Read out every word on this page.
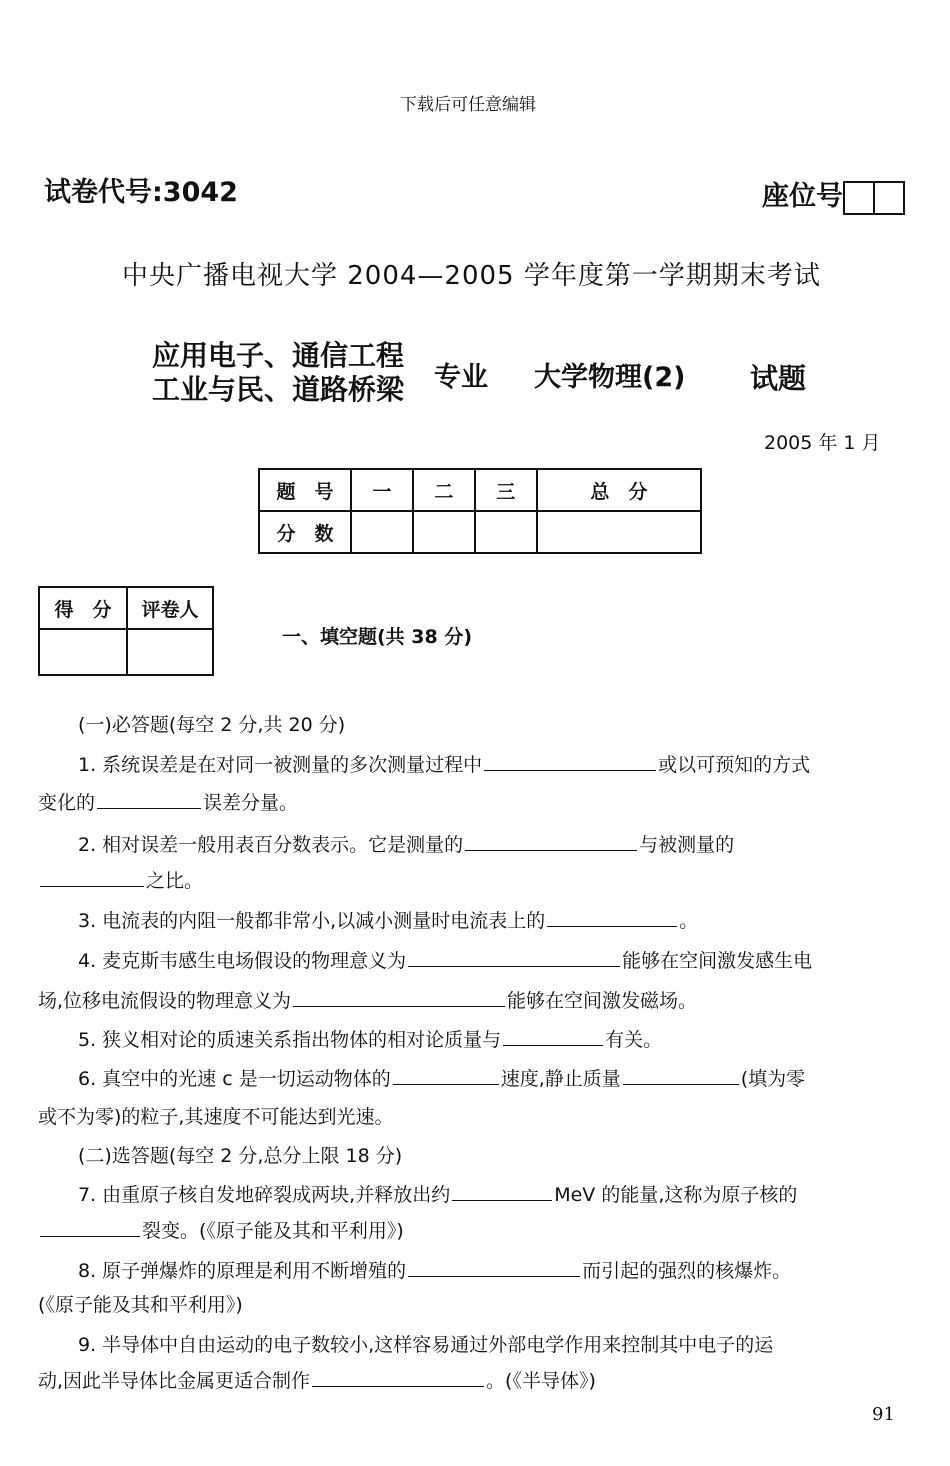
下载后可任意编辑
试卷代号:3042	座位号
中央广播电视大学 2004—2005 学年度第一学期期末考试
应用电子、通信工程
工业与民、道路桥梁 专业 大学物理(2) 试题
2005 年 1 月
题　号	一	二	三	总　分
分　数				
得　分	评卷人

一、填空题(共 38 分)
(一)必答题(每空 2 分,共 20 分)
1. 系统误差是在对同一被测量的多次测量过程中	或以可预知的方式
变化的	误差分量。
2. 相对误差一般用表百分数表示。它是测量的	与被测量的
之比。
3. 电流表的内阻一般都非常小,以减小测量时电流表上的	。
4. 麦克斯韦感生电场假设的物理意义为	能够在空间激发感生电
场,位移电流假设的物理意义为	能够在空间激发磁场。
5. 狭义相对论的质速关系指出物体的相对论质量与	有关。
6. 真空中的光速 c 是一切运动物体的	速度,静止质量	(填为零
或不为零)的粒子,其速度不可能达到光速。
(二)选答题(每空 2 分,总分上限 18 分)
7. 由重原子核自发地碎裂成两块,并释放出约	MeV 的能量,这称为原子核的
裂变。(《原子能及其和平利用》)
8. 原子弹爆炸的原理是利用不断增殖的	而引起的强烈的核爆炸。
(《原子能及其和平利用》)
9. 半导体中自由运动的电子数较小,这样容易通过外部电学作用来控制其中电子的运
动,因此半导体比金属更适合制作	。(《半导体》)
91
